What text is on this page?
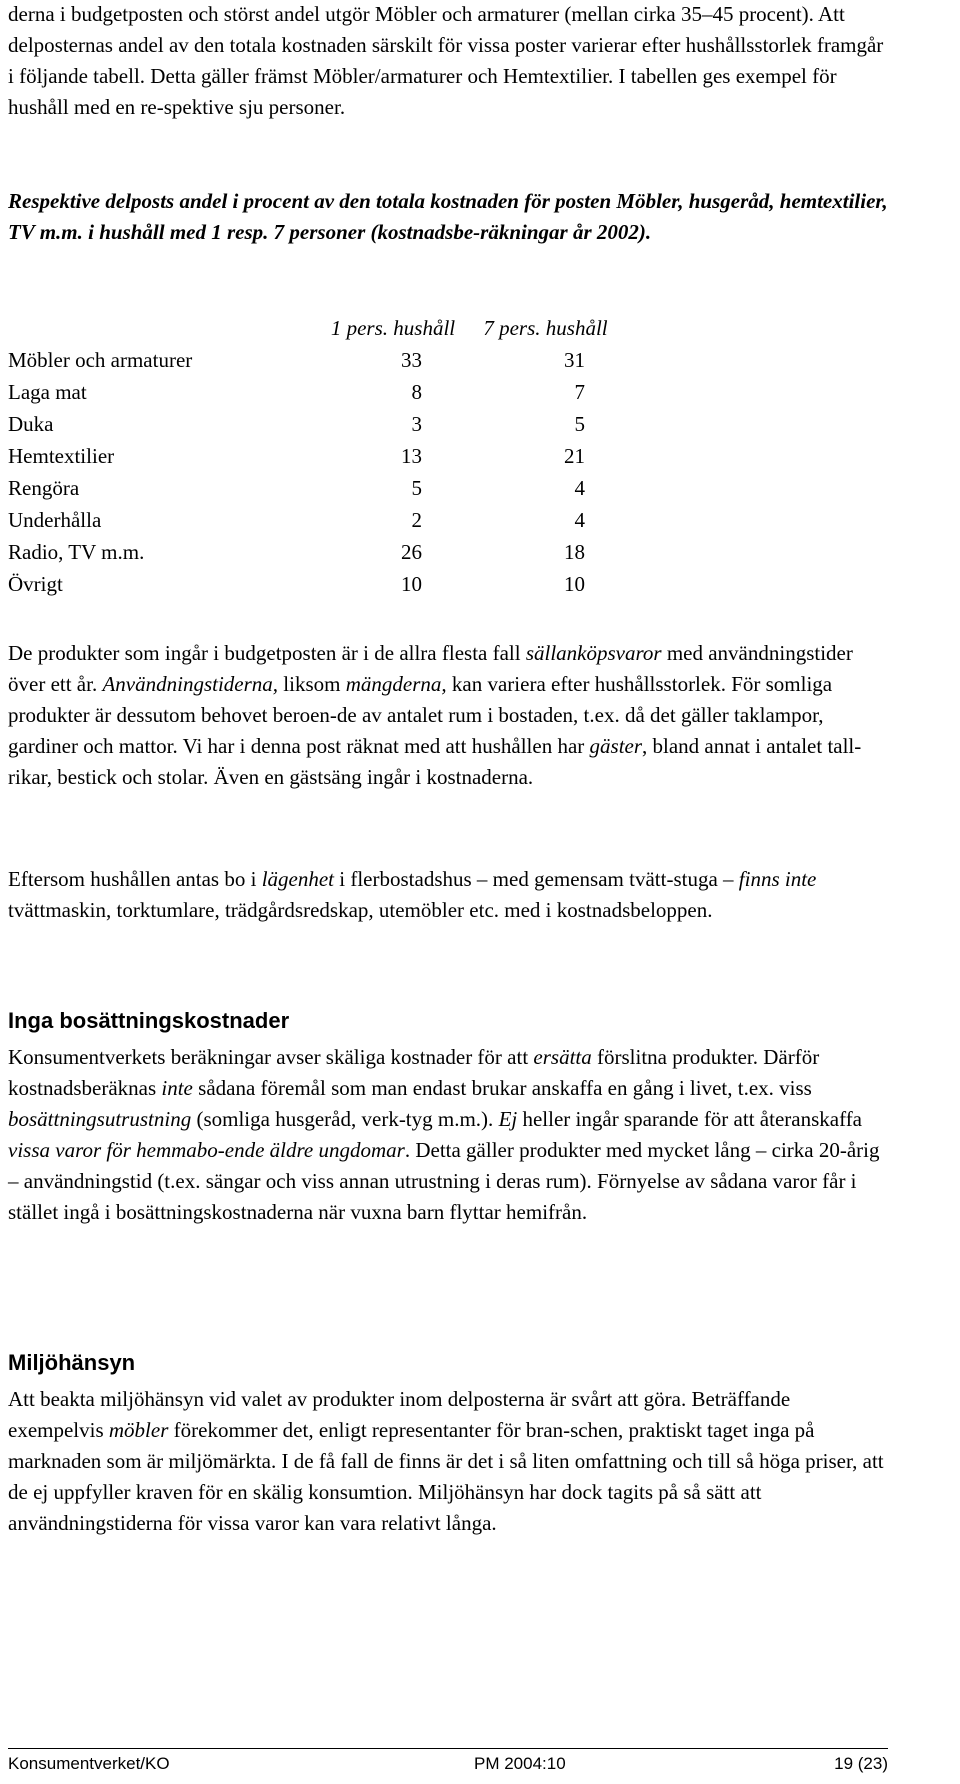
derna i budgetposten och störst andel utgör Möbler och armaturer (mellan cirka 35–45 procent). Att delposternas andel av den totala kostnaden särskilt för vissa poster varierar efter hushållsstorlek framgår i följande tabell. Detta gäller främst Möbler/armaturer och Hemtextilier. I tabellen ges exempel för hushåll med en re-spektive sju personer.

Respektive delposts andel i procent av den totala kostnaden för posten Möbler, husgeråd, hemtextilier, TV m.m. i hushåll med 1 resp. 7 personer (kostnadsbe-räkningar år 2002).

	1 pers. hushåll	7 pers. hushåll
Möbler och armaturer	33	31
Laga mat	8	7
Duka	3	5
Hemtextilier	13	21
Rengöra	5	4
Underhålla	2	4
Radio, TV m.m.	26	18
Övrigt	10	10

De produkter som ingår i budgetposten är i de allra flesta fall sällanköpsvaror med användningstider över ett år. Användningstiderna, liksom mängderna, kan variera efter hushållsstorlek. För somliga produkter är dessutom behovet beroen-de av antalet rum i bostaden, t.ex. då det gäller taklampor, gardiner och mattor. Vi har i denna post räknat med att hushållen har gäster, bland annat i antalet tall-rikar, bestick och stolar. Även en gästsäng ingår i kostnaderna.

Eftersom hushållen antas bo i lägenhet i flerbostadshus – med gemensam tvätt-stuga – finns inte tvättmaskin, torktumlare, trädgårdsredskap, utemöbler etc. med i kostnadsbeloppen.

Inga bosättningskostnader

Konsumentverkets beräkningar avser skäliga kostnader för att ersätta förslitna produkter. Därför kostnadsberäknas inte sådana föremål som man endast brukar anskaffa en gång i livet, t.ex. viss bosättningsutrustning (somliga husgeråd, verk-tyg m.m.). Ej heller ingår sparande för att återanskaffa vissa varor för hemmabo-ende äldre ungdomar. Detta gäller produkter med mycket lång – cirka 20-årig – användningstid (t.ex. sängar och viss annan utrustning i deras rum). Förnyelse av sådana varor får i stället ingå i bosättningskostnaderna när vuxna barn flyttar hemifrån.

Miljöhänsyn

Att beakta miljöhänsyn vid valet av produkter inom delposterna är svårt att göra. Beträffande exempelvis möbler förekommer det, enligt representanter för bran-schen, praktiskt taget inga på marknaden som är miljömärkta. I de få fall de finns är det i så liten omfattning och till så höga priser, att de ej uppfyller kraven för en skälig konsumtion. Miljöhänsyn har dock tagits på så sätt att användningstiderna för vissa varor kan vara relativt långa.

Konsumentverket/KO	PM 2004:10	19 (23)
